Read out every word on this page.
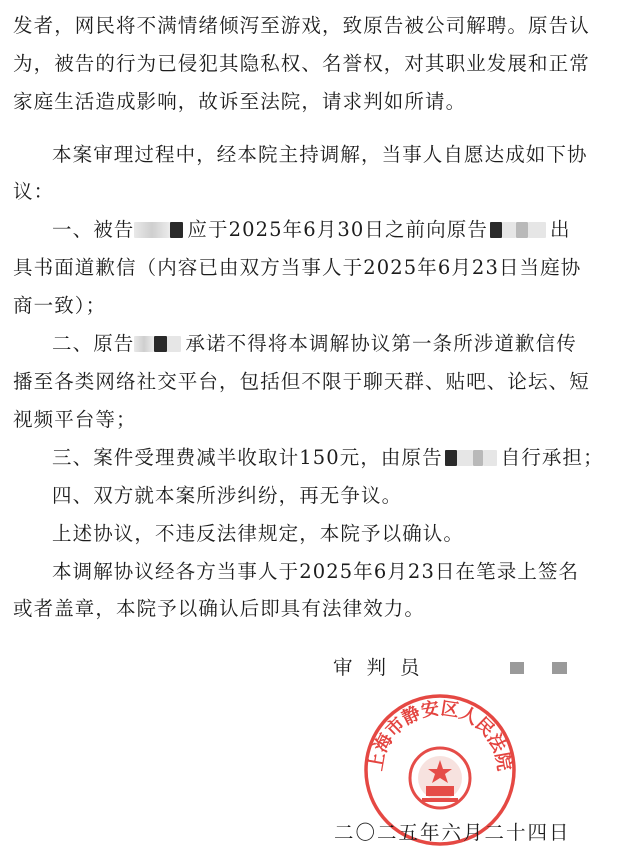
发者，网民将不满情绪倾泻至游戏，致原告被公司解聘。原告认
为，被告的行为已侵犯其隐私权、名誉权，对其职业发展和正常
家庭生活造成影响，故诉至法院，请求判如所请。
本案审理过程中，经本院主持调解，当事人自愿达成如下协
议：
一、被告	应于2025年6月30日之前向原告	出
具书面道歉信（内容已由双方当事人于2025年6月23日当庭协
商一致）；
二、原告	承诺不得将本调解协议第一条所涉道歉信传
播至各类网络社交平台，包括但不限于聊天群、贴吧、论坛、短
视频平台等；
三、案件受理费减半收取计150元，由原告	自行承担；
四、双方就本案所涉纠纷，再无争议。
上述协议，不违反法律规定，本院予以确认。
本调解协议经各方当事人于2025年6月23日在笔录上签名
或者盖章，本院予以确认后即具有法律效力。
审判员
上海市静安区人民法院
二〇二五年六月二十四日
